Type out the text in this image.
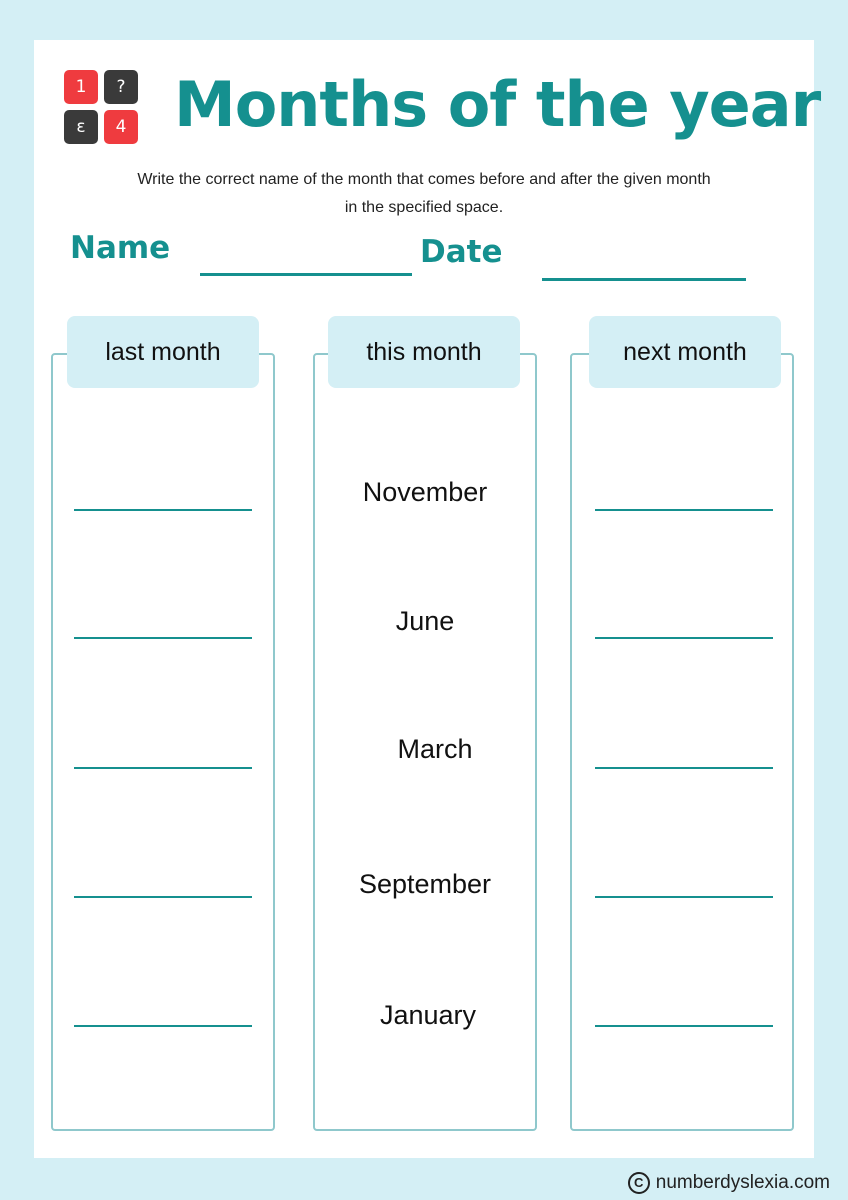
1	?
ɛ	4 Months of the year
Write the correct name of the month that comes before and after the given month in the specified space.
Name	Date
last month	this month	next month
November
June
March
September
January
C numberdyslexia.com
